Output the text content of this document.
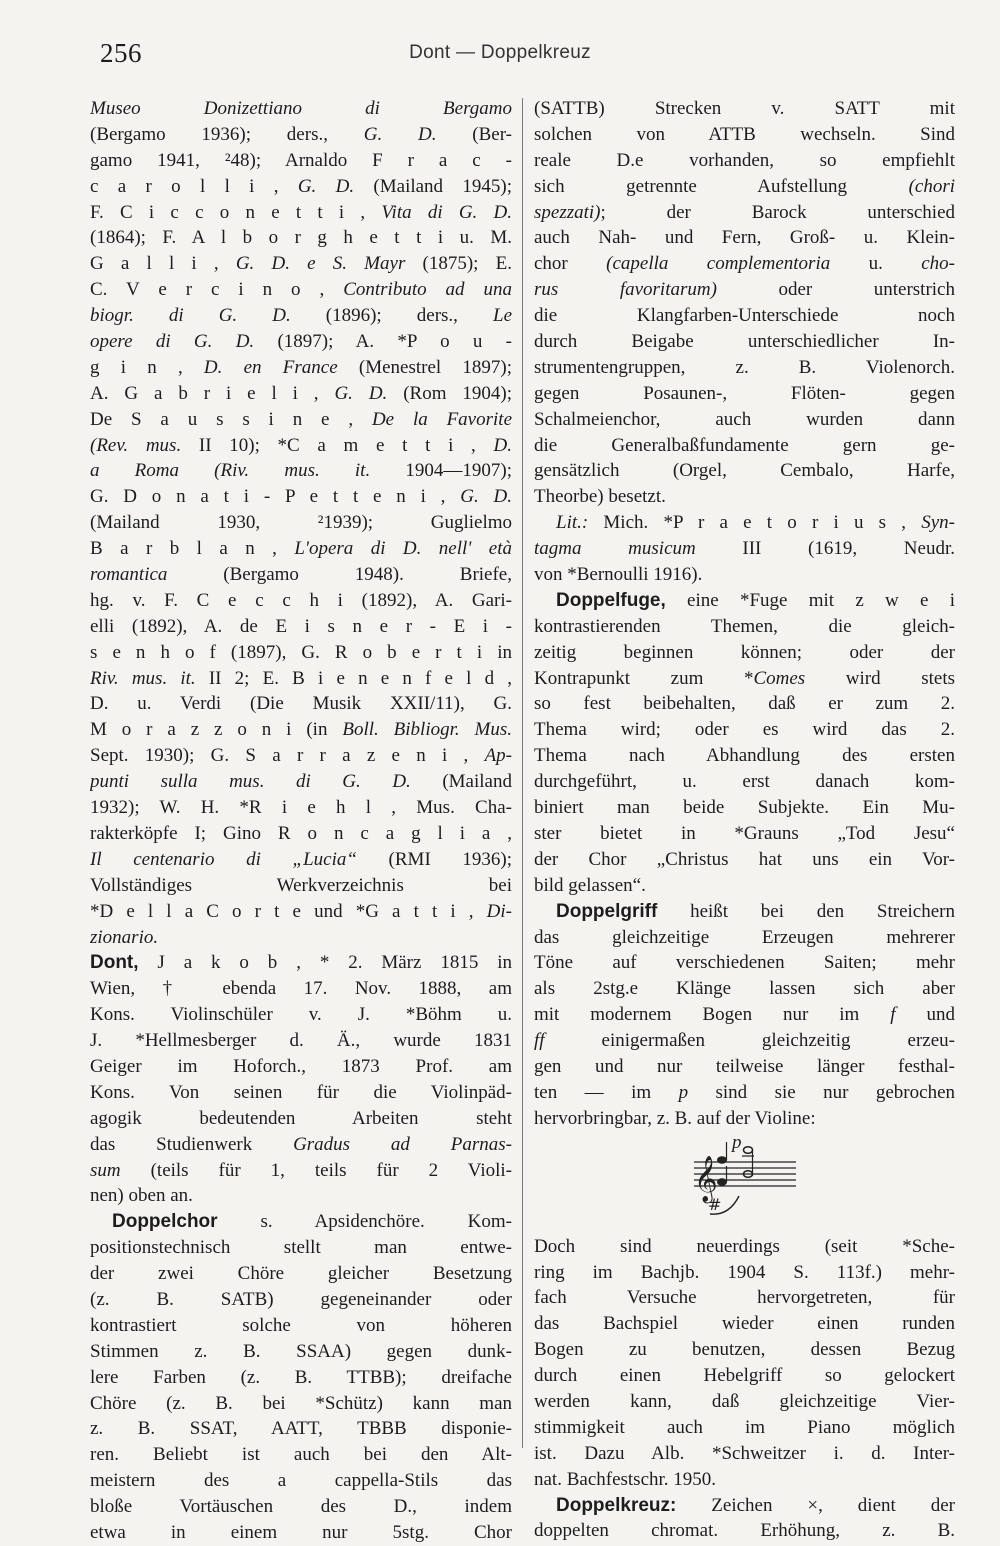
256	Dont — Doppelkreuz
Museo Donizettiano di Bergamo
(Bergamo 1936); ders., G. D. (Ber-
gamo 1941, ²48); Arnaldo F r a c -
c a r o l l i , G. D. (Mailand 1945);
F. C i c c o n e t t i , Vita di G. D.
(1864); F. A l b o r g h e t t i u. M.
G a l l i , G. D. e S. Mayr (1875); E.
C. V e r c i n o , Contributo ad una
biogr. di G. D. (1896); ders., Le
opere di G. D. (1897); A. *P o u -
g i n , D. en France (Menestrel 1897);
A. G a b r i e l i , G. D. (Rom 1904);
De S a u s s i n e , De la Favorite
(Rev. mus. II 10); *C a m e t t i , D.
a Roma (Riv. mus. it. 1904—1907);
G. D o n a t i - P e t t e n i , G. D.
(Mailand 1930, ²1939); Guglielmo
B a r b l a n , L'opera di D. nell' età
romantica (Bergamo 1948). Briefe,
hg. v. F. C e c c h i (1892), A. Gari-
elli (1892), A. de E i s n e r - E i -
s e n h o f (1897), G. R o b e r t i in
Riv. mus. it. II 2; E. B i e n e n f e l d ,
D. u. Verdi (Die Musik XXII/11), G.
M o r a z z o n i (in Boll. Bibliogr. Mus.
Sept. 1930); G. S a r r a z e n i , Ap-
punti sulla mus. di G. D. (Mailand
1932); W. H. *R i e h l , Mus. Cha-
rakterköpfe I; Gino R o n c a g l i a ,
Il centenario di „Lucia“ (RMI 1936);
Vollständiges Werkverzeichnis bei
*D e l l a C o r t e und *G a t t i , Di-
zionario.
Dont, J a k o b , * 2. März 1815 in
Wien, † ebenda 17. Nov. 1888, am
Kons. Violinschüler v. J. *Böhm u.
J. *Hellmesberger d. Ä., wurde 1831
Geiger im Hoforch., 1873 Prof. am
Kons. Von seinen für die Violinpäd-
agogik bedeutenden Arbeiten steht
das Studienwerk Gradus ad Parnas-
sum (teils für 1, teils für 2 Violi-
nen) oben an.
Doppelchor s. Apsidenchöre. Kom-
positionstechnisch stellt man entwe-
der zwei Chöre gleicher Besetzung
(z. B. SATB) gegeneinander oder
kontrastiert solche von höheren
Stimmen z. B. SSAA) gegen dunk-
lere Farben (z. B. TTBB); dreifache
Chöre (z. B. bei *Schütz) kann man
z. B. SSAT, AATT, TBBB disponie-
ren. Beliebt ist auch bei den Alt-
meistern des a cappella-Stils das
bloße Vortäuschen des D., indem
etwa in einem nur 5stg. Chor
(SATTB) Strecken v. SATT mit
solchen von ATTB wechseln. Sind
reale D.e vorhanden, so empfiehlt
sich getrennte Aufstellung (chori
spezzati); der Barock unterschied
auch Nah- und Fern, Groß- u. Klein-
chor (capella complementoria u. cho-
rus favoritarum) oder unterstrich
die Klangfarben-Unterschiede noch
durch Beigabe unterschiedlicher In-
strumentengruppen, z. B. Violenorch.
gegen Posaunen-, Flöten- gegen
Schalmeienchor, auch wurden dann
die Generalbaßfundamente gern ge-
gensätzlich (Orgel, Cembalo, Harfe,
Theorbe) besetzt.
Lit.: Mich. *P r a e t o r i u s , Syn-
tagma musicum III (1619, Neudr.
von *Bernoulli 1916).
Doppelfuge, eine *Fuge mit z w e i
kontrastierenden Themen, die gleich-
zeitig beginnen können; oder der
Kontrapunkt zum *Comes wird stets
so fest beibehalten, daß er zum 2.
Thema wird; oder es wird das 2.
Thema nach Abhandlung des ersten
durchgeführt, u. erst danach kom-
biniert man beide Subjekte. Ein Mu-
ster bietet in *Grauns „Tod Jesu“
der Chor „Christus hat uns ein Vor-
bild gelassen“.
Doppelgriff heißt bei den Streichern
das gleichzeitige Erzeugen mehrerer
Töne auf verschiedenen Saiten; mehr
als 2stg.e Klänge lassen sich aber
mit modernem Bogen nur im f und
ff einigermaßen gleichzeitig erzeu-
gen und nur teilweise länger festhal-
ten — im p sind sie nur gebrochen
hervorbringbar, z. B. auf der Violine:
𝄞
#
p
Doch sind neuerdings (seit *Sche-
ring im Bachjb. 1904 S. 113f.) mehr-
fach Versuche hervorgetreten, für
das Bachspiel wieder einen runden
Bogen zu benutzen, dessen Bezug
durch einen Hebelgriff so gelockert
werden kann, daß gleichzeitige Vier-
stimmigkeit auch im Piano möglich
ist. Dazu Alb. *Schweitzer i. d. Inter-
nat. Bachfestschr. 1950.
Doppelkreuz: Zeichen ×, dient der
doppelten chromat. Erhöhung, z. B.
